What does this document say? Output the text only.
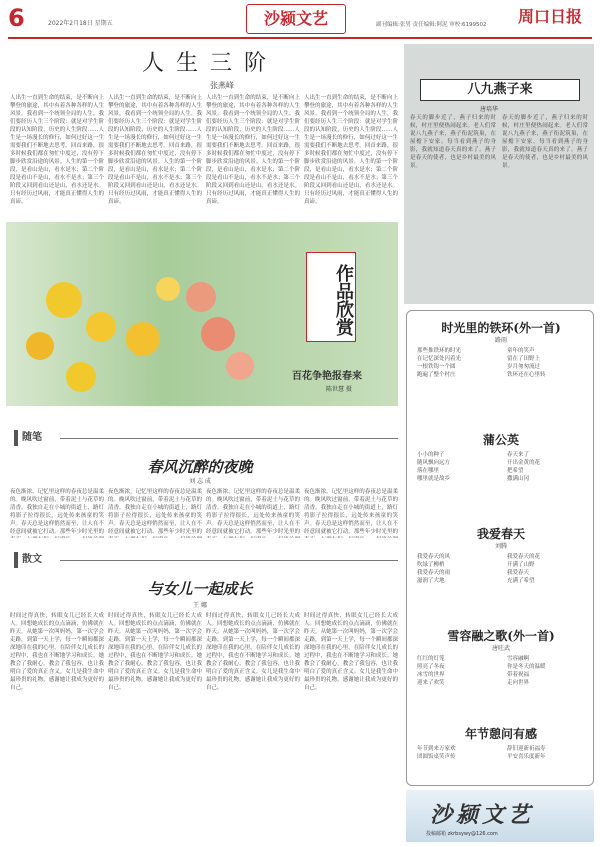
6	2022年2月18日 星期五	沙颍文艺	副刊编辑:张男 责任编辑:阿泥 审校:6199502 周口日报
人生三阶
张燕峰
人出生一直到生命的结束，是不断向上攀登的旅途，其中有着各种各样的人生风景。我看到一个统领全局的人生，我们要经历人生三个阶段：就是对学生阶段的认知阶段，历史的人生阶段……人生是一场漫长的修行，如何过好这一生需要我们不断地去思考。回首来路，很多时候我们都在匆忙中度过，没有停下脚步欣赏沿途的风景。人生的第一个阶段，是看山是山，看水是水；第二个阶段是看山不是山，看水不是水；第三个阶段又回到看山还是山，看水还是水。只有经历过风雨，才能真正懂得人生的真谛。
人出生一直到生命的结束，是不断向上攀登的旅途，其中有着各种各样的人生风景。我看到一个统领全局的人生，我们要经历人生三个阶段：就是对学生阶段的认知阶段，历史的人生阶段……人生是一场漫长的修行，如何过好这一生需要我们不断地去思考。回首来路，很多时候我们都在匆忙中度过，没有停下脚步欣赏沿途的风景。人生的第一个阶段，是看山是山，看水是水；第二个阶段是看山不是山，看水不是水；第三个阶段又回到看山还是山，看水还是水。只有经历过风雨，才能真正懂得人生的真谛。
人出生一直到生命的结束，是不断向上攀登的旅途，其中有着各种各样的人生风景。我看到一个统领全局的人生，我们要经历人生三个阶段：就是对学生阶段的认知阶段，历史的人生阶段……人生是一场漫长的修行，如何过好这一生需要我们不断地去思考。回首来路，很多时候我们都在匆忙中度过，没有停下脚步欣赏沿途的风景。人生的第一个阶段，是看山是山，看水是水；第二个阶段是看山不是山，看水不是水；第三个阶段又回到看山还是山，看水还是水。只有经历过风雨，才能真正懂得人生的真谛。
人出生一直到生命的结束，是不断向上攀登的旅途，其中有着各种各样的人生风景。我看到一个统领全局的人生，我们要经历人生三个阶段：就是对学生阶段的认知阶段，历史的人生阶段……人生是一场漫长的修行，如何过好这一生需要我们不断地去思考。回首来路，很多时候我们都在匆忙中度过，没有停下脚步欣赏沿途的风景。人生的第一个阶段，是看山是山，看水是水；第二个阶段是看山不是山，看水不是水；第三个阶段又回到看山还是山，看水还是水。只有经历过风雨，才能真正懂得人生的真谛。
作品欣赏
百花争艳报春来
陈世慧 摄
随笔
春风沉醉的夜晚
刘 志 成
夜色渐浓，记忆里这样的春夜总是温柔的。晚风吹过窗前，带着泥土与花草的清香。我独自走在小城的街道上，路灯将影子拉得很长，远处传来孩童的笑声。春天总是这样悄然而至，让人在不经意间就被它打动。那些年少时光里的
夜色渐浓，记忆里这样的春夜总是温柔的。晚风吹过窗前，带着泥土与花草的清香。我独自走在小城的街道上，路灯将影子拉得很长，远处传来孩童的笑声。春天总是这样悄然而至，让人在不经意间就被它打动。那些年少时光里的
夜色渐浓，记忆里这样的春夜总是温柔的。晚风吹过窗前，带着泥土与花草的清香。我独自走在小城的街道上，路灯将影子拉得很长，远处传来孩童的笑声。春天总是这样悄然而至，让人在不经意间就被它打动。那些年少时光里的
夜色渐浓，记忆里这样的春夜总是温柔的。晚风吹过窗前，带着泥土与花草的清香。我独自走在小城的街道上，路灯将影子拉得很长，远处传来孩童的笑声。春天总是这样悄然而至，让人在不经意间就被它打动。那些年少时光里的
散文
与女儿一起成长
王 娜
时间过得真快，转眼女儿已经长大成人。回想她成长的点点滴滴，仿佛就在昨天。从她第一次叫妈妈，第一次学会走路，到第一天上学，每一个瞬间都深深地印在我的心里。在陪伴女儿成长的过程中，我也在不断地学习和成长。她教会了我耐心，教会了我包容，也让我明白了爱的真正含义。女儿是我生命中最珍贵的礼物，感谢她让我成为更好的自己。
时间过得真快，转眼女儿已经长大成人。回想她成长的点点滴滴，仿佛就在昨天。从她第一次叫妈妈，第一次学会走路，到第一天上学，每一个瞬间都深深地印在我的心里。在陪伴女儿成长的过程中，我也在不断地学习和成长。她教会了我耐心，教会了我包容，也让我明白了爱的真正含义。女儿是我生命中最珍贵的礼物，感谢她让我成为更好的自己。
时间过得真快，转眼女儿已经长大成人。回想她成长的点点滴滴，仿佛就在昨天。从她第一次叫妈妈，第一次学会走路，到第一天上学，每一个瞬间都深深地印在我的心里。在陪伴女儿成长的过程中，我也在不断地学习和成长。她教会了我耐心，教会了我包容，也让我明白了爱的真正含义。女儿是我生命中最珍贵的礼物，感谢她让我成为更好的自己。
时间过得真快，转眼女儿已经长大成人。回想她成长的点点滴滴，仿佛就在昨天。从她第一次叫妈妈，第一次学会走路，到第一天上学，每一个瞬间都深深地印在我的心里。在陪伴女儿成长的过程中，我也在不断地学习和成长。她教会了我耐心，教会了我包容，也让我明白了爱的真正含义。女儿是我生命中最珍贵的礼物，感谢她让我成为更好的自己。
八九燕子来
唐培华
春天的脚步近了，燕子归来的时候，村庄里便热闹起来。老人们常说八九燕子来，燕子衔泥筑巢，在屋檐下安家。每当看到燕子的身影，我就知道春天真的来了。燕子是春天的使者，也是乡村最美的风景。
春天的脚步近了，燕子归来的时候，村庄里便热闹起来。老人们常说八九燕子来，燕子衔泥筑巢，在屋檐下安家。每当看到燕子的身影，我就知道春天真的来了。燕子是春天的使者，也是乡村最美的风景。
时光里的铁环(外一首)
路雨
那些推铁环的时光
在记忆深处闪着光
一根铁钩一个圆
跑遍了整个村庄
童年的笑声
留在了田野上
岁月匆匆流过
铁环还在心里转
蒲公英
小小的种子
随风飘向远方
落在哪里
哪里就是故乡
春天来了
开出金黄的花
把希望
撒满山冈
我爱春天
刘腾
我爱春天的风
吹绿了柳梢
我爱春天的雨
滋润了大地
我爱春天的花
开满了山野
我爱春天
充满了希望
雪容融之歌(外一首)
唐旺武
红红的灯笼
照亮了冬夜
冰雪的世界
迎来了欢笑
雪容融啊
你是冬天的温暖
带着祝福
走向世界
年节憩问有感
年节到来万家欢
团圆饭桌笑声传
辞旧迎新祈福寿
平安喜乐度新年
沙颍文艺
投稿邮箱 zkrbsywy@126.com
